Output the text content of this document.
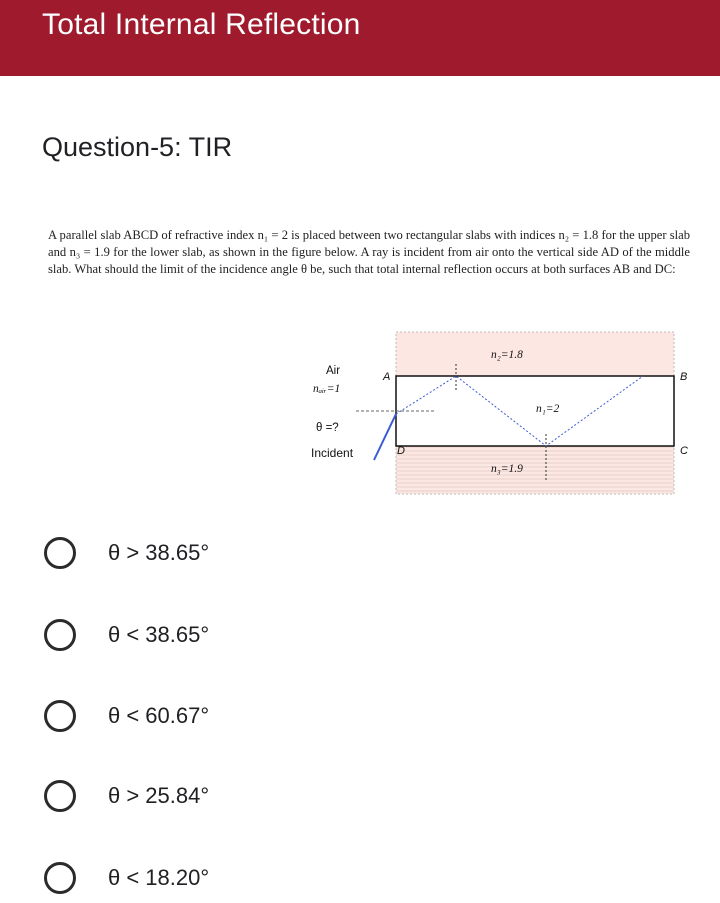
Total Internal Reflection
Question-5: TIR
A parallel slab ABCD of refractive index n₁ = 2 is placed between two rectangular slabs with indices n₂ = 1.8 for the upper slab and n₃ = 1.9 for the lower slab, as shown in the figure below. A ray is incident from air onto the vertical side AD of the middle slab. What should the limit of the incidence angle θ be, such that total internal reflection occurs at both surfaces AB and DC:
Air
nₐᵢᵣ=1
θ =?
Incident
n₂=1.8
n₁=2
n₃=1.9
A	B
C
D
θ > 38.65°
θ < 38.65°
θ < 60.67°
θ > 25.84°
θ < 18.20°
